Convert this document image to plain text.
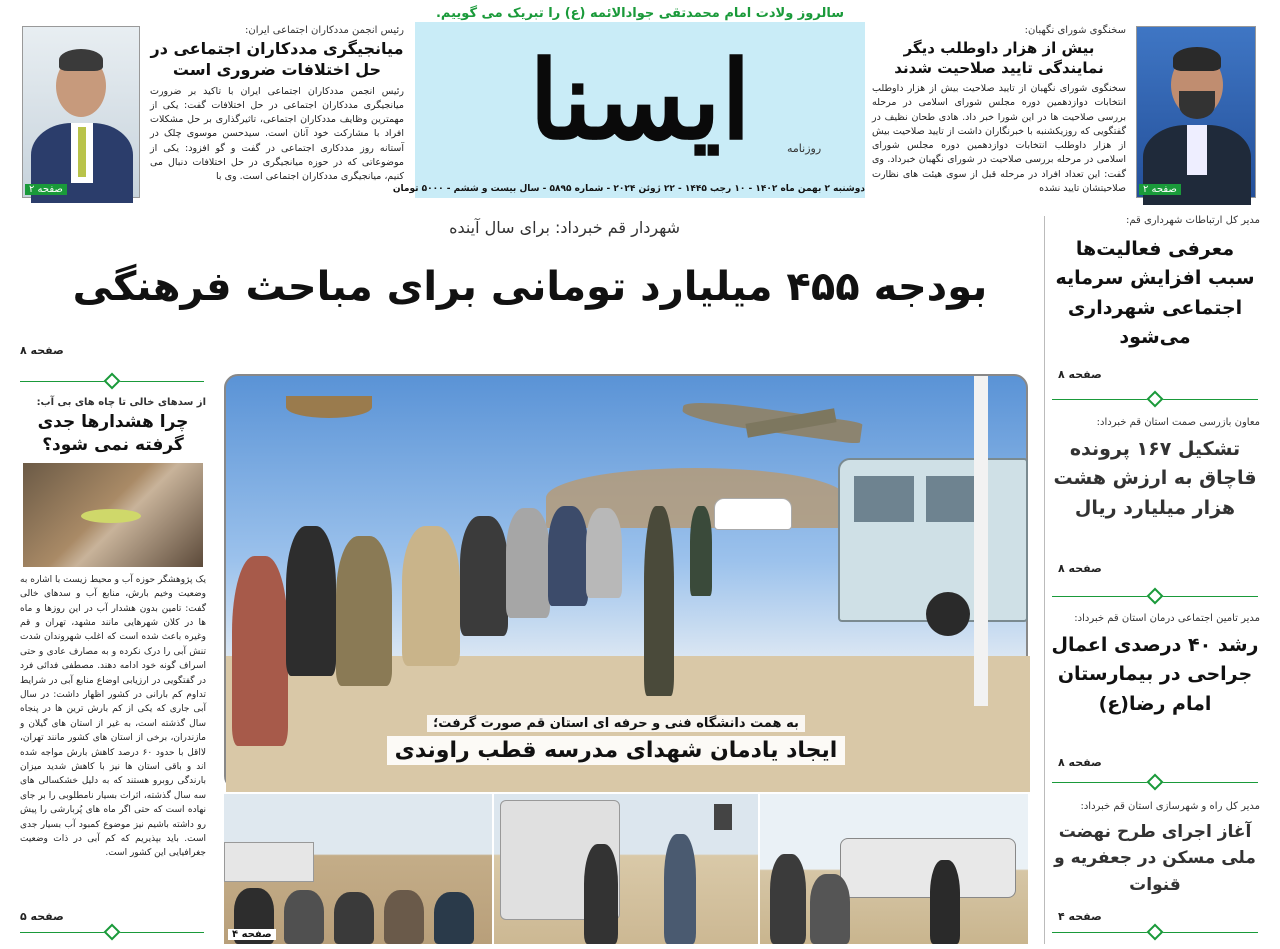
سالروز ولادت امام محمدتقی جوادالائمه (ع) را تبریک می گوییم.
صفحه ۲
رئیس انجمن مددکاران اجتماعی ایران:
میانجیگری مددکاران اجتماعی در حل اختلافات ضروری است
رئیس انجمن مددکاران اجتماعی ایران با تاکید بر ضرورت میانجیگری مددکاران اجتماعی در حل اختلافات گفت: یکی از مهمترین وظایف مددکاران اجتماعی، تاثیرگذاری بر حل مشکلات افراد با مشارکت خود آنان است. سیدحسن موسوی چلک در آستانه روز مددکاری اجتماعی در گفت و گو افزود: یکی از موضوعاتی که در حوزه میانجیگری در حل اختلافات دنبال می کنیم، میانجیگری مددکاران اجتماعی است. وی با
ایسنا	روزنامه
دوشنبه ۲ بهمن ماه ۱۴۰۲ - ۱۰ رجب ۱۴۴۵ - ۲۲ ژوئن ۲۰۲۴ - شماره ۵۸۹۵ - سال بیست و ششم - ۵۰۰۰ تومان
سخنگوی شورای نگهبان:
بیش از هزار داوطلب دیگر نمایندگی تایید صلاحیت شدند
سخنگوی شورای نگهبان از تایید صلاحیت بیش از هزار داوطلب انتخابات دوازدهمین دوره مجلس شورای اسلامی در مرحله بررسی صلاحیت ها در این شورا خبر داد. هادی طحان نظیف در گفتگویی که روزیکشنبه با خبرنگاران داشت از تایید صلاحیت بیش از هزار داوطلب انتخابات دوازدهمین دوره مجلس شورای اسلامی در مرحله بررسی صلاحیت در شورای نگهبان خبرداد. وی گفت: این تعداد افراد در مرحله قبل از سوی هیئت های نظارت صلاحیتشان تایید نشده	صفحه ۲
شهردار قم خبرداد: برای سال آینده
بودجه ۴۵۵ میلیارد تومانی برای مباحث فرهنگی
صفحه ۸
به همت دانشگاه فنی و حرفه ای استان قم صورت گرفت؛ ایجاد یادمان شهدای مدرسه قطب راوندی
صفحه ۴
از سدهای خالی تا چاه های بی آب:
چرا هشدارها جدی گرفته نمی شود؟
یک پژوهشگر حوزه آب و محیط زیست با اشاره به وضعیت وخیم بارش، منابع آب و سدهای خالی گفت: تامین بدون هشدار آب در این روزها و ماه ها در کلان شهرهایی مانند مشهد، تهران و قم وغیره باعث شده است که اغلب شهروندان شدت تنش آبی را درک نکرده و به مصارف عادی و حتی اسراف گونه خود ادامه دهند. مصطفی فدائی فرد در گفتگویی در ارزیابی اوضاع منابع آبی در شرایط تداوم کم بارانی در کشور اظهار داشت: در سال آبی جاری که یکی از کم بارش ترین ها در پنجاه سال گذشته است، به غیر از استان های گیلان و مازندران، برخی از استان های کشور مانند تهران، لااقل با حدود ۶۰ درصد کاهش بارش مواجه شده اند و باقی استان ها نیز با کاهش شدید میزان بارندگی روبرو هستند که به دلیل خشکسالی های سه سال گذشته، اثرات بسیار نامطلوبی را بر جای نهاده است که حتی اگر ماه های پُربارشی را پیش رو داشته باشیم نیز موضوع کمبود آب بسیار جدی است. باید بپذیریم که کم آبی در ذات وضعیت جغرافیایی این کشور است.
صفحه ۵
مدیر کل ارتباطات شهرداری قم:
معرفی فعالیت‌ها سبب افزایش سرمایه اجتماعی شهرداری می‌شود
صفحه ۸
معاون بازرسی صمت استان قم خبرداد:
تشکیل ۱۶۷ پرونده قاچاق به ارزش هشت هزار میلیارد ریال
صفحه ۸
مدیر تامین اجتماعی درمان استان قم خبرداد:
رشد ۴۰ درصدی اعمال جراحی در بیمارستان امام رضا(ع)
صفحه ۸
مدیر کل راه و شهرسازی استان قم خبرداد:
آغاز اجرای طرح نهضت ملی مسکن در جعفریه و قنوات
صفحه ۴
